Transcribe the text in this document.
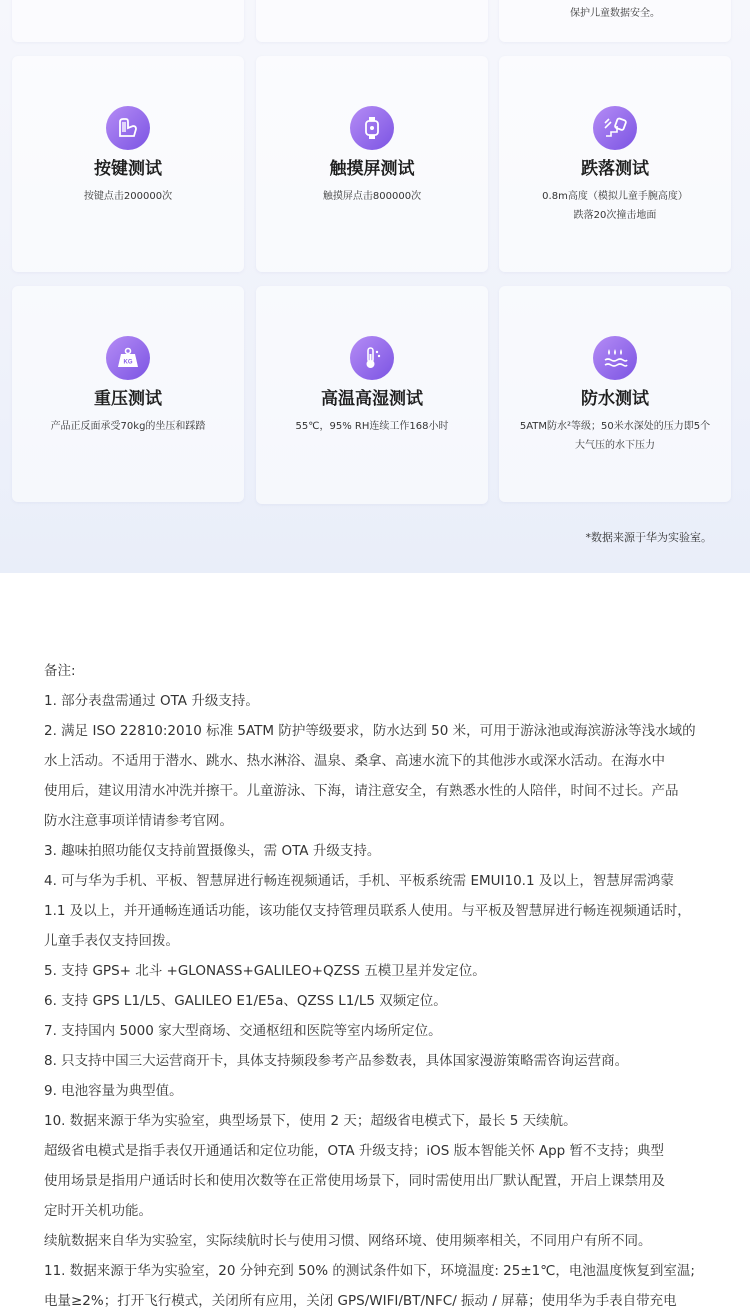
保护儿童数据安全。
按键测试
按键点击200000次
触摸屏测试
触摸屏点击800000次
跌落测试
0.8m高度（模拟儿童手腕高度）
跌落20次撞击地面
KG
重压测试
产品正反面承受70kg的坐压和踩踏
高温高湿测试
55℃，95% RH连续工作168小时
防水测试
5ATM防水²等级；50米水深处的压力即5个
大气压的水下压力
*数据来源于华为实验室。
备注:
1. 部分表盘需通过 OTA 升级支持。
2. 满足 ISO 22810:2010 标准 5ATM 防护等级要求，防水达到 50 米，可用于游泳池或海滨游泳等浅水域的
水上活动。不适用于潜水、跳水、热水淋浴、温泉、桑拿、高速水流下的其他涉水或深水活动。在海水中
使用后，建议用清水冲洗并擦干。儿童游泳、下海，请注意安全，有熟悉水性的人陪伴，时间不过长。产品
防水注意事项详情请参考官网。
3. 趣味拍照功能仅支持前置摄像头，需 OTA 升级支持。
4. 可与华为手机、平板、智慧屏进行畅连视频通话，手机、平板系统需 EMUI10.1 及以上，智慧屏需鸿蒙
1.1 及以上，并开通畅连通话功能，该功能仅支持管理员联系人使用。与平板及智慧屏进行畅连视频通话时，
儿童手表仅支持回拨。
5. 支持 GPS+ 北斗 +GLONASS+GALILEO+QZSS 五模卫星并发定位。
6. 支持 GPS L1/L5、GALILEO E1/E5a、QZSS L1/L5 双频定位。
7. 支持国内 5000 家大型商场、交通枢纽和医院等室内场所定位。
8. 只支持中国三大运营商开卡，具体支持频段参考产品参数表，具体国家漫游策略需咨询运营商。
9. 电池容量为典型值。
10. 数据来源于华为实验室，典型场景下，使用 2 天；超级省电模式下，最长 5 天续航。
超级省电模式是指手表仅开通通话和定位功能，OTA 升级支持；iOS 版本智能关怀 App 暂不支持；典型
使用场景是指用户通话时长和使用次数等在正常使用场景下，同时需使用出厂默认配置，开启上课禁用及
定时开关机功能。
续航数据来自华为实验室，实际续航时长与使用习惯、网络环境、使用频率相关，不同用户有所不同。
11. 数据来源于华为实验室，20 分钟充到 50% 的测试条件如下，环境温度: 25±1℃，电池温度恢复到室温;
电量≥2%；打开飞行模式，关闭所有应用，关闭 GPS/WIFI/BT/NFC/ 振动 / 屏幕；使用华为手表自带充电
